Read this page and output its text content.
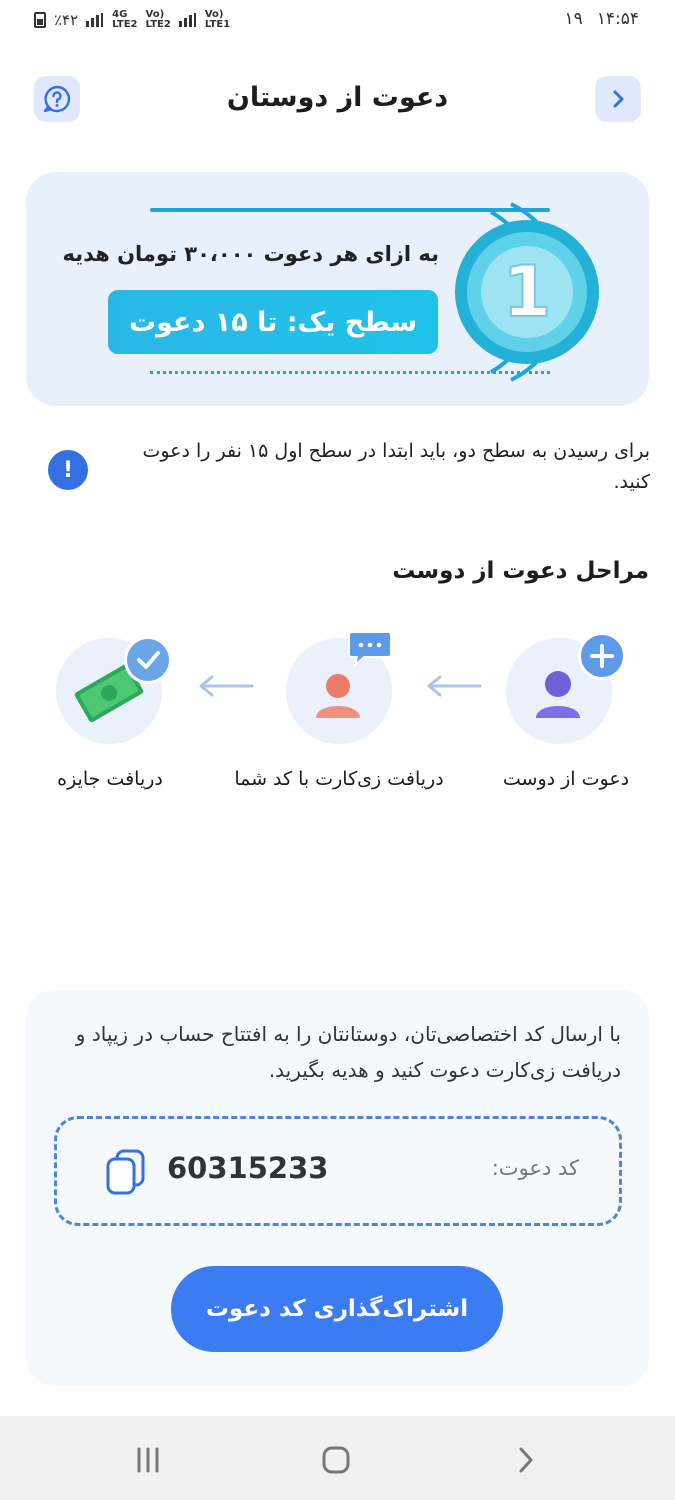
٪۴۲	4G
LTE2
Vo)
LTE2
Vo)
LTE1	۱۴:۵۴
۱۹
دعوت از دوستان
به ازای هر دعوت ۳۰،۰۰۰ تومان هدیه
سطح یک: تا ۱۵ دعوت 1
!
برای رسیدن به سطح دو، باید ابتدا در سطح اول ۱۵ نفر را دعوت کنید.
مراحل دعوت از دوست
دعوت از دوست
دریافت زی‌کارت با کد شما
دریافت جایزه
با ارسال کد اختصاصی‌تان، دوستانتان را به افتتاح حساب در زیپاد و دریافت زی‌کارت دعوت کنید و هدیه بگیرید.
کد دعوت:
60315233
اشتراک‌گذاری کد دعوت
